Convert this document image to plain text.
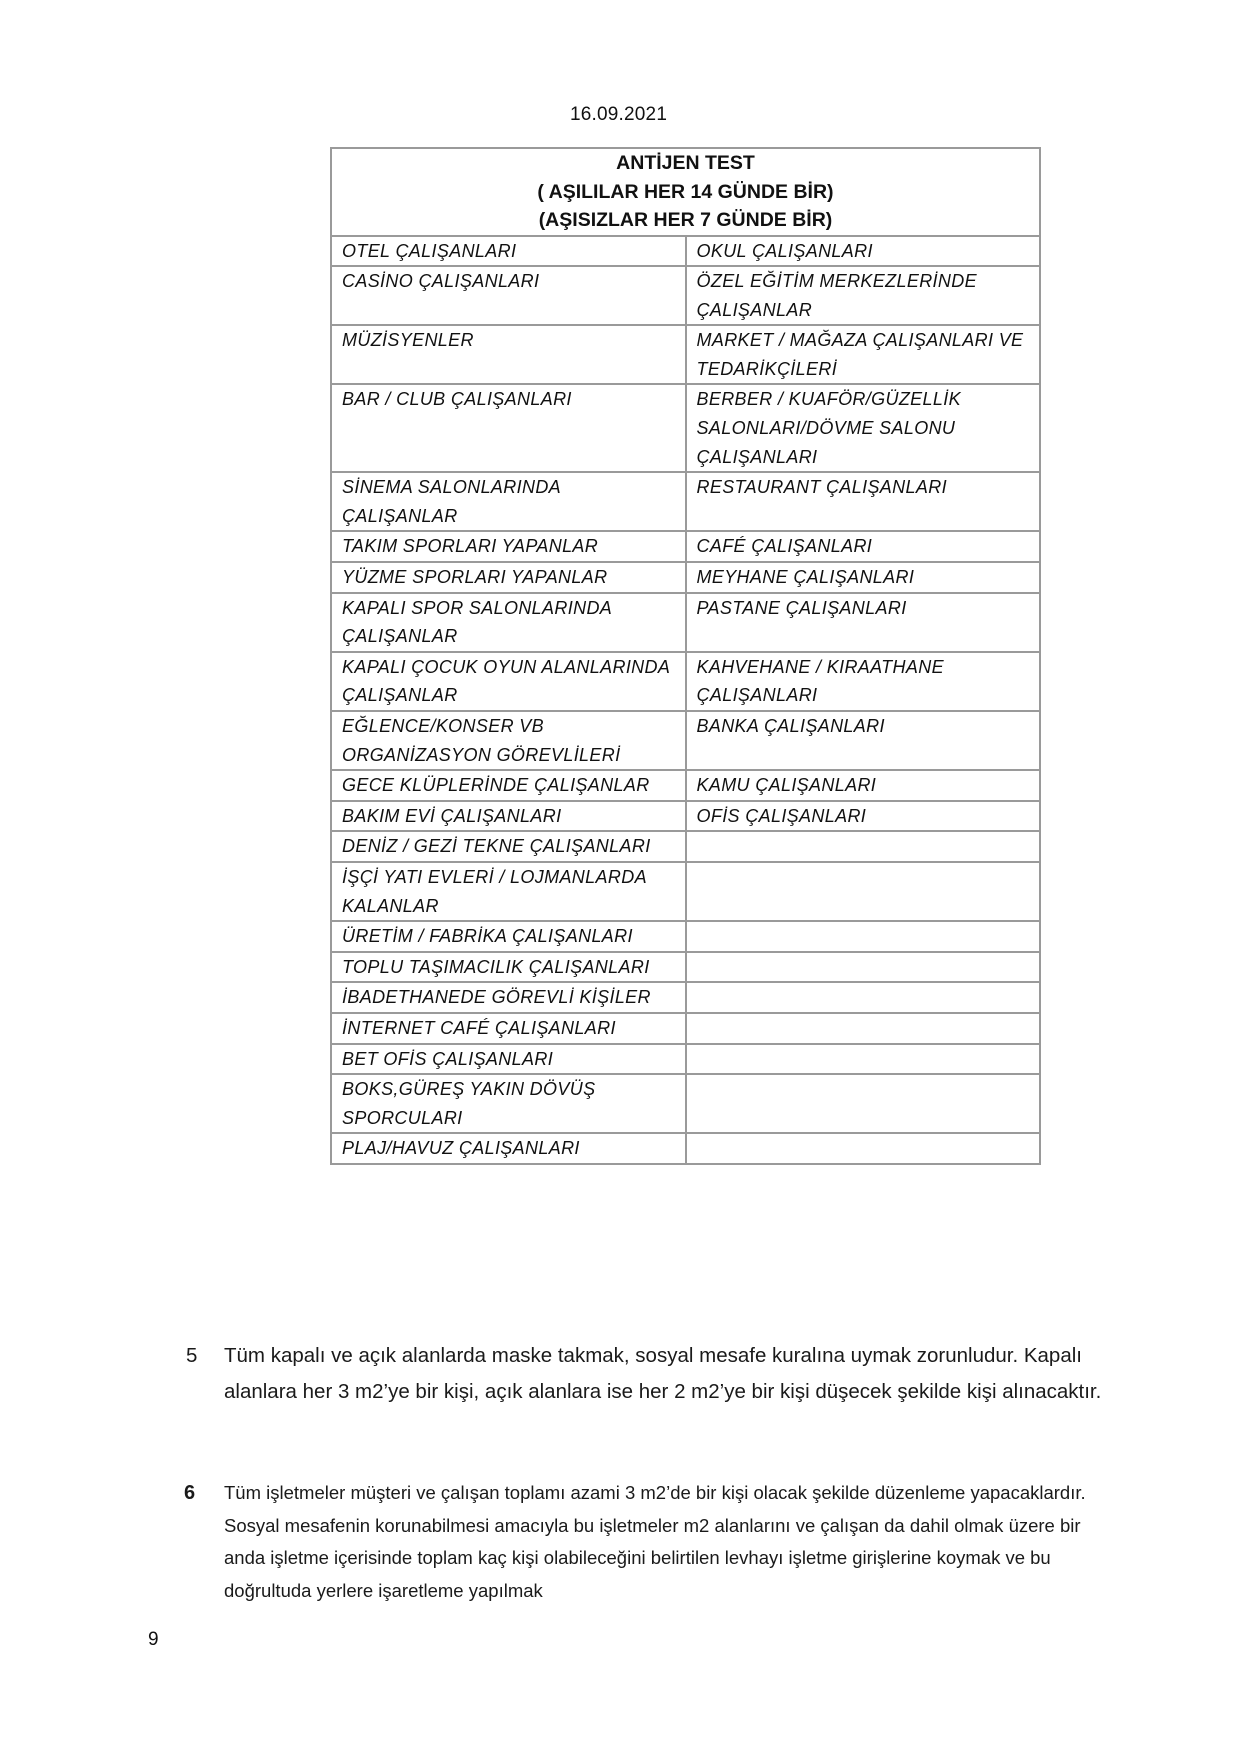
16.09.2021
ANTİJEN TEST
( AŞILILAR HER 14 GÜNDE BİR)
(AŞISIZLAR HER 7 GÜNDE BİR)	

OTEL ÇALIŞANLARI	OKUL ÇALIŞANLARI
CASİNO ÇALIŞANLARI	ÖZEL EĞİTİM MERKEZLERİNDE ÇALIŞANLAR
MÜZİSYENLER	MARKET / MAĞAZA ÇALIŞANLARI VE TEDARİKÇİLERİ
BAR / CLUB ÇALIŞANLARI	BERBER / KUAFÖR/GÜZELLİK SALONLARI/DÖVME SALONU ÇALIŞANLARI
SİNEMA SALONLARINDA ÇALIŞANLAR	RESTAURANT ÇALIŞANLARI
TAKIM SPORLARI YAPANLAR	CAFÉ ÇALIŞANLARI
YÜZME SPORLARI YAPANLAR	MEYHANE ÇALIŞANLARI
KAPALI SPOR SALONLARINDA ÇALIŞANLAR	PASTANE ÇALIŞANLARI
KAPALI ÇOCUK OYUN ALANLARINDA ÇALIŞANLAR	KAHVEHANE / KIRAATHANE ÇALIŞANLARI
EĞLENCE/KONSER VB ORGANİZASYON GÖREVLİLERİ	BANKA ÇALIŞANLARI
GECE KLÜPLERİNDE ÇALIŞANLAR	KAMU ÇALIŞANLARI
BAKIM EVİ ÇALIŞANLARI	OFİS ÇALIŞANLARI
DENİZ / GEZİ TEKNE ÇALIŞANLARI	
İŞÇİ YATI EVLERİ / LOJMANLARDA KALANLAR	
ÜRETİM / FABRİKA ÇALIŞANLARI	
TOPLU TAŞIMACILIK ÇALIŞANLARI	
İBADETHANEDE GÖREVLİ KİŞİLER	
İNTERNET CAFÉ ÇALIŞANLARI	
BET OFİS ÇALIŞANLARI	
BOKS,GÜREŞ YAKIN DÖVÜŞ SPORCULARI	
PLAJ/HAVUZ ÇALIŞANLARI	
5 Tüm kapalı ve açık alanlarda maske takmak, sosyal mesafe kuralına uymak zorunludur. Kapalı alanlara her 3 m2’ye bir kişi, açık alanlara ise her 2 m2’ye bir kişi düşecek şekilde kişi alınacaktır.
6 Tüm işletmeler müşteri ve çalışan toplamı azami 3 m2’de bir kişi olacak şekilde düzenleme yapacaklardır. Sosyal mesafenin korunabilmesi amacıyla bu işletmeler m2 alanlarını ve çalışan da dahil olmak üzere bir anda işletme içerisinde toplam kaç kişi olabileceğini belirtilen levhayı işletme girişlerine koymak ve bu doğrultuda yerlere işaretleme yapılmak
9
